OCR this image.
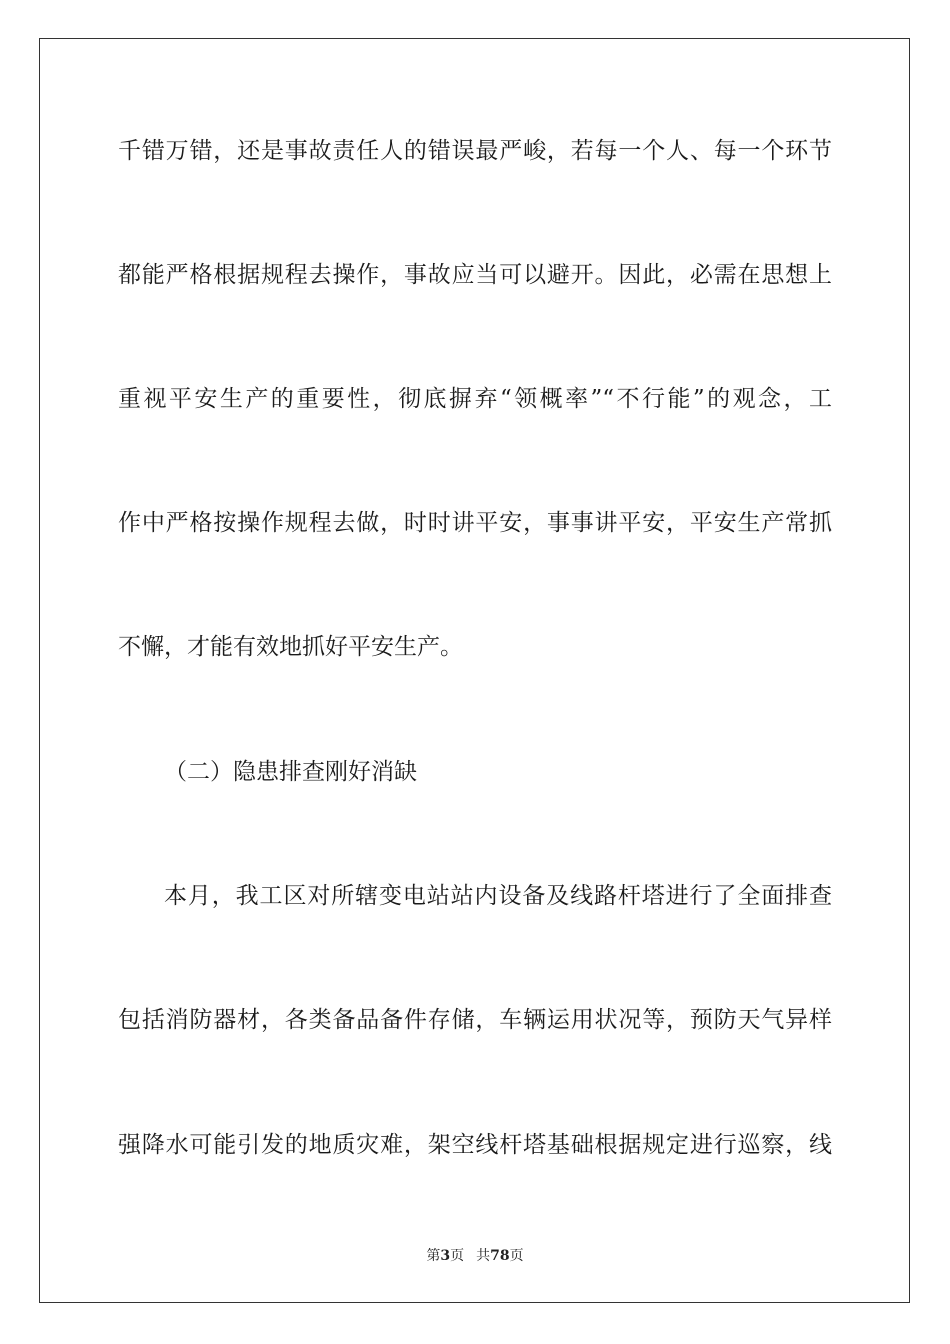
千错万错，还是事故责任人的错误最严峻，若每一个人、每一个环节
都能严格根据规程去操作，事故应当可以避开。因此，必需在思想上
重视平安生产的重要性，彻底摒弃“领概率”“不行能”的观念，工
作中严格按操作规程去做，时时讲平安，事事讲平安，平安生产常抓
不懈，才能有效地抓好平安生产。
（二）隐患排查刚好消缺
本月，我工区对所辖变电站站内设备及线路杆塔进行了全面排查
包括消防器材，各类备品备件存储，车辆运用状况等，预防天气异样
强降水可能引发的地质灾难，架空线杆塔基础根据规定进行巡察，线
第3页 共78页
